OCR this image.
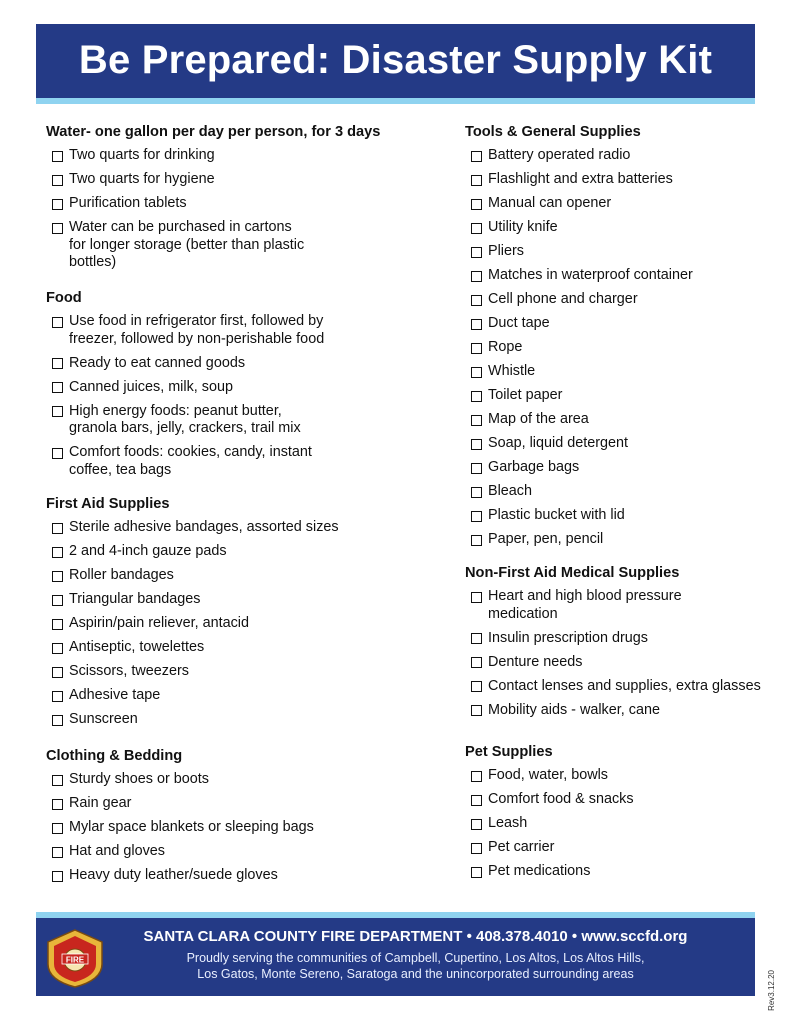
Be Prepared: Disaster Supply Kit
Water- one gallon per day per person, for 3 days
Two quarts for drinking
Two quarts for hygiene
Purification tablets
Water can be purchased in cartons
for longer storage (better than plastic
bottles)
Food
Use food in refrigerator first, followed by
freezer, followed by non-perishable food
Ready to eat canned goods
Canned juices, milk, soup
High energy foods: peanut butter,
granola bars, jelly, crackers, trail mix
Comfort foods: cookies, candy, instant
coffee, tea bags
First Aid Supplies
Sterile adhesive bandages, assorted sizes
2 and 4-inch gauze pads
Roller bandages
Triangular bandages
Aspirin/pain reliever, antacid
Antiseptic, towelettes
Scissors, tweezers
Adhesive tape
Sunscreen
Clothing & Bedding
Sturdy shoes or boots
Rain gear
Mylar space blankets or sleeping bags
Hat and gloves
Heavy duty leather/suede gloves
Tools & General Supplies
Battery operated radio
Flashlight and extra batteries
Manual can opener
Utility knife
Pliers
Matches in waterproof container
Cell phone and charger
Duct tape
Rope
Whistle
Toilet paper
Map of the area
Soap, liquid detergent
Garbage bags
Bleach
Plastic bucket with lid
Paper, pen, pencil
Non-First Aid Medical Supplies
Heart and high blood pressure
medication
Insulin prescription drugs
Denture needs
Contact lenses and supplies, extra glasses
Mobility aids - walker, cane
Pet Supplies
Food, water, bowls
Comfort food & snacks
Leash
Pet carrier
Pet medications
FIRE
SANTA CLARA COUNTY FIRE DEPARTMENT • 408.378.4010 • www.sccfd.org
Proudly serving the communities of Campbell, Cupertino, Los Altos, Los Altos Hills,
Los Gatos, Monte Sereno, Saratoga and the unincorporated surrounding areas	Rev3.12.20
